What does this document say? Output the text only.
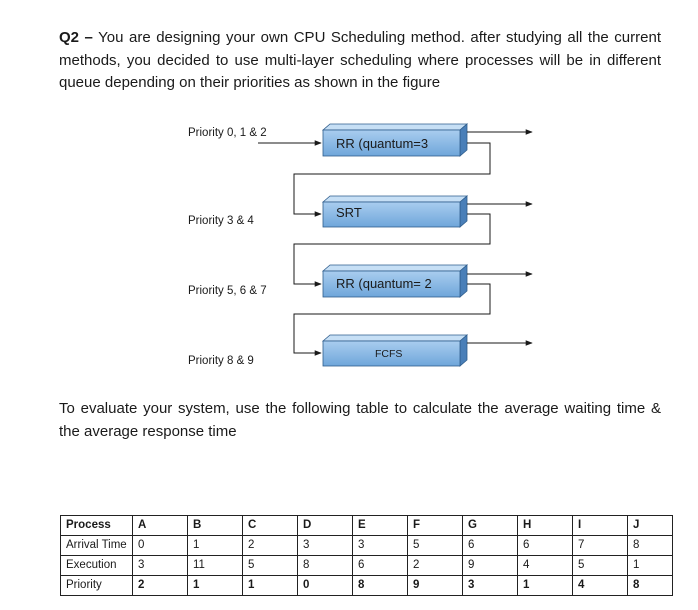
Q2 – You are designing your own CPU Scheduling method. after studying all the current methods, you decided to use multi-layer scheduling where processes will be in different queue depending on their priorities as shown in the figure

Priority 0, 1 & 2
Priority 3 & 4
Priority 5, 6 & 7
Priority 8 & 9
RR (quantum=3
SRT
RR (quantum= 2
FCFS

To evaluate your system, use the following table to calculate the average waiting time & the average response time

Process	A	B	C	D	E	F	G	H	I	J
Arrival Time	0	1	2	3	3	5	6	6	7	8
Execution	3	11	5	8	6	2	9	4	5	1
Priority	2	1	1	0	8	9	3	1	4	8
